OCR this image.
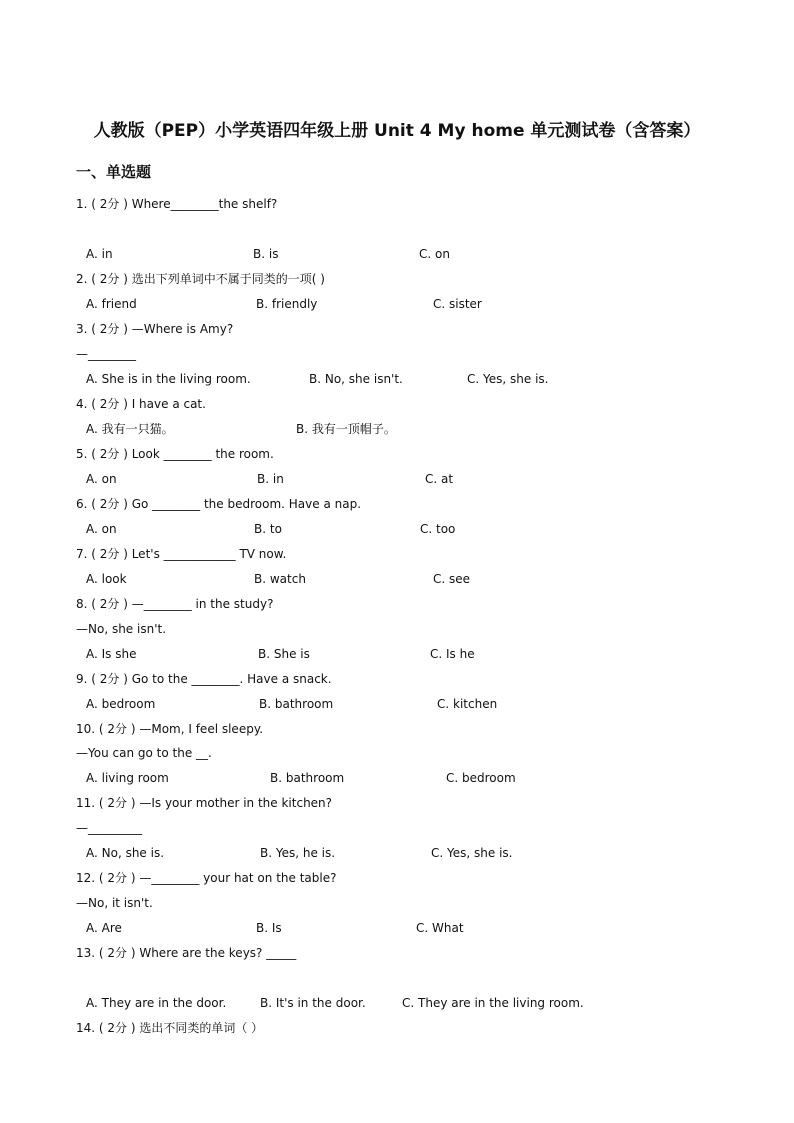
人教版（PEP）小学英语四年级上册 Unit 4 My home 单元测试卷（含答案）
一、单选题
1. ( 2分 ) Where________the shelf?
A. in	B. is	C. on
2. ( 2分 ) 选出下列单词中不属于同类的一项( )
A. friend	B. friendly	C. sister
3. ( 2分 ) —Where is Amy?
—________
A. She is in the living room.	B. No, she isn't.	C. Yes, she is.
4. ( 2分 ) I have a cat.
A. 我有一只猫。	B. 我有一顶帽子。
5. ( 2分 ) Look ________ the room.
A. on	B. in	C. at
6. ( 2分 ) Go ________ the bedroom. Have a nap.
A. on	B. to	C. too
7. ( 2分 ) Let's ____________ TV now.
A. look	B. watch	C. see
8. ( 2分 ) —________ in the study?
—No, she isn't.
A. Is she	B. She is	C. Is he
9. ( 2分 ) Go to the ________. Have a snack.
A. bedroom	B. bathroom	C. kitchen
10. ( 2分 ) —Mom, I feel sleepy.
—You can go to the __.
A. living room	B. bathroom	C. bedroom
11. ( 2分 ) —Is your mother in the kitchen?
—_________
A. No, she is.	B. Yes, he is.	C. Yes, she is.
12. ( 2分 ) —________ your hat on the table?
—No, it isn't.
A. Are	B. Is	C. What
13. ( 2分 ) Where are the keys? _____
A. They are in the door.	B. It's in the door.	C. They are in the living room.
14. ( 2分 ) 选出不同类的单词（ ）
